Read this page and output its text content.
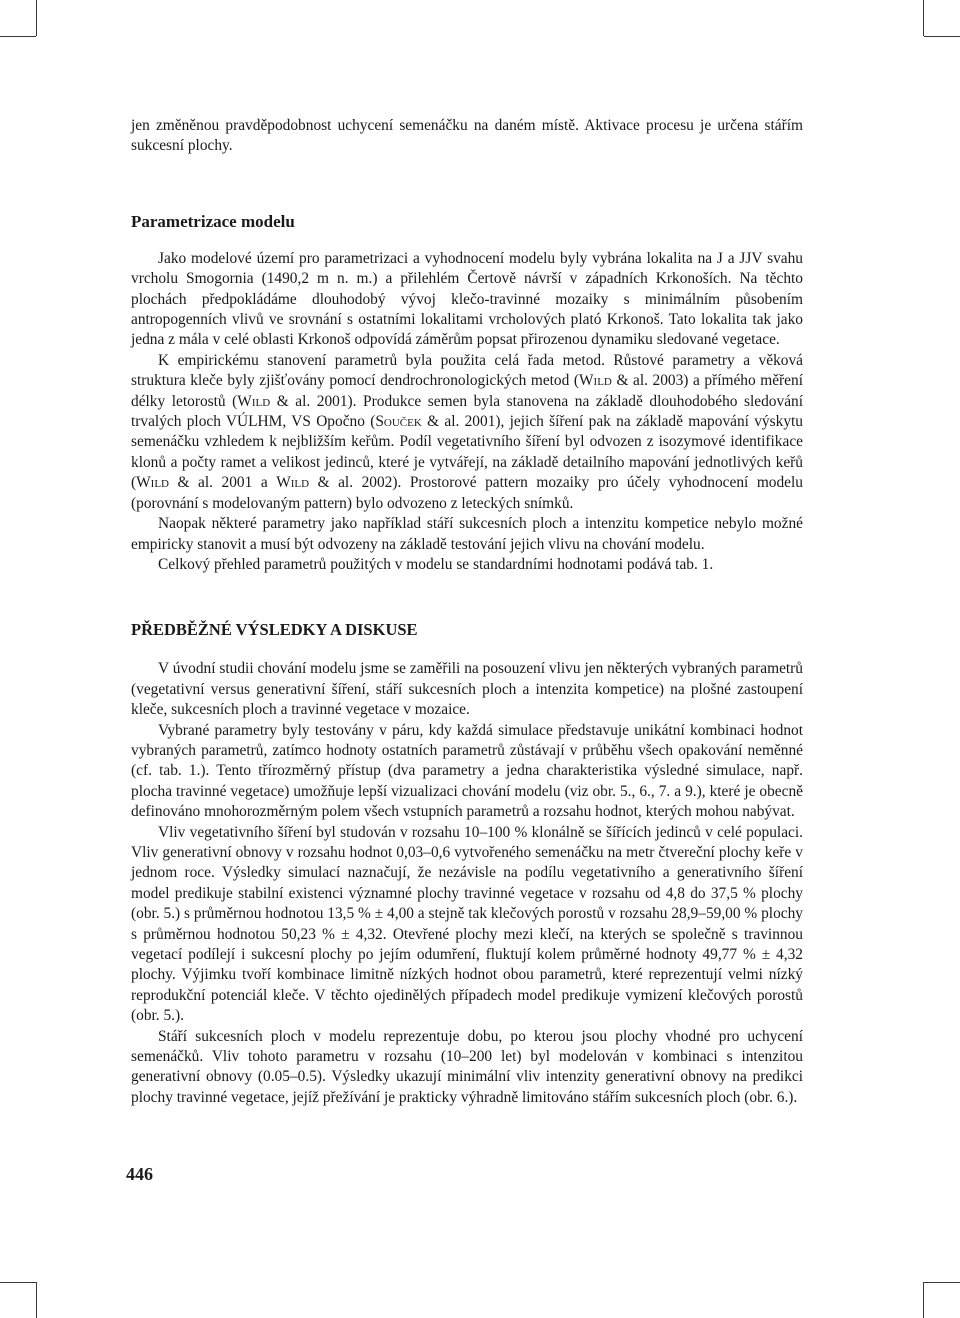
jen změněnou pravděpodobnost uchycení semenáčku na daném místě. Aktivace procesu je určena stářím sukcesní plochy.

Parametrizace modelu

Jako modelové území pro parametrizaci a vyhodnocení modelu byly vybrána lokalita na J a JJV svahu vrcholu Smogornia (1490,2 m n. m.) a přilehlém Čertově návrší v západních Krkonoších. Na těchto plochách předpokládáme dlouhodobý vývoj klečo-travinné mozaiky s minimálním působením antropogenních vlivů ve srovnání s ostatními lokalitami vrcholových plató Krkonoš. Tato lokalita tak jako jedna z mála v celé oblasti Krkonoš odpovídá záměrům popsat přirozenou dynamiku sledované vegetace.

K empirickému stanovení parametrů byla použita celá řada metod. Růstové parametry a věková struktura kleče byly zjišťovány pomocí dendrochronologických metod (Wild & al. 2003) a přímého měření délky letorostů (Wild & al. 2001). Produkce semen byla stanovena na základě dlouhodobého sledování trvalých ploch VÚLHM, VS Opočno (Souček & al. 2001), jejich šíření pak na základě mapování výskytu semenáčku vzhledem k nejbližším keřům. Podíl vegetativního šíření byl odvozen z isozymové identifikace klonů a počty ramet a velikost jedinců, které je vytvářejí, na základě detailního mapování jednotlivých keřů (Wild & al. 2001 a Wild & al. 2002). Prostorové pattern mozaiky pro účely vyhodnocení modelu (porovnání s modelovaným pattern) bylo odvozeno z leteckých snímků.

Naopak některé parametry jako například stáří sukcesních ploch a intenzitu kompetice nebylo možné empiricky stanovit a musí být odvozeny na základě testování jejich vlivu na chování modelu.

Celkový přehled parametrů použitých v modelu se standardními hodnotami podává tab. 1.

PŘEDBĚŽNÉ VÝSLEDKY A DISKUSE

V úvodní studii chování modelu jsme se zaměřili na posouzení vlivu jen některých vybraných parametrů (vegetativní versus generativní šíření, stáří sukcesních ploch a intenzita kompetice) na plošné zastoupení kleče, sukcesních ploch a travinné vegetace v mozaice.

Vybrané parametry byly testovány v páru, kdy každá simulace představuje unikátní kombinaci hodnot vybraných parametrů, zatímco hodnoty ostatních parametrů zůstávají v průběhu všech opakování neměnné (cf. tab. 1.). Tento třírozměrný přístup (dva parametry a jedna charakteristika výsledné simulace, např. plocha travinné vegetace) umožňuje lepší vizualizaci chování modelu (viz obr. 5., 6., 7. a 9.), které je obecně definováno mnohorozměrným polem všech vstupních parametrů a rozsahu hodnot, kterých mohou nabývat.

Vliv vegetativního šíření byl studován v rozsahu 10–100 % klonálně se šířících jedinců v celé populaci. Vliv generativní obnovy v rozsahu hodnot 0,03–0,6 vytvořeného semenáčku na metr čtvereční plochy keře v jednom roce. Výsledky simulací naznačují, že nezávisle na podílu vegetativního a generativního šíření model predikuje stabilní existenci významné plochy travinné vegetace v rozsahu od 4,8 do 37,5 % plochy (obr. 5.) s průměrnou hodnotou 13,5 % ± 4,00 a stejně tak klečových porostů v rozsahu 28,9–59,00 % plochy s průměrnou hodnotou 50,23 % ± 4,32. Otevřené plochy mezi klečí, na kterých se společně s travinnou vegetací podílejí i sukcesní plochy po jejím odumření, fluktují kolem průměrné hodnoty 49,77 % ± 4,32 plochy. Výjimku tvoří kombinace limitně nízkých hodnot obou parametrů, které reprezentují velmi nízký reprodukční potenciál kleče. V těchto ojedinělých případech model predikuje vymizení klečových porostů (obr. 5.).

Stáří sukcesních ploch v modelu reprezentuje dobu, po kterou jsou plochy vhodné pro uchycení semenáčků. Vliv tohoto parametru v rozsahu (10–200 let) byl modelován v kombinaci s intenzitou generativní obnovy (0.05–0.5). Výsledky ukazují minimální vliv intenzity generativní obnovy na predikci plochy travinné vegetace, jejíž přežívání je prakticky výhradně limitováno stářím sukcesních ploch (obr. 6.).

446
